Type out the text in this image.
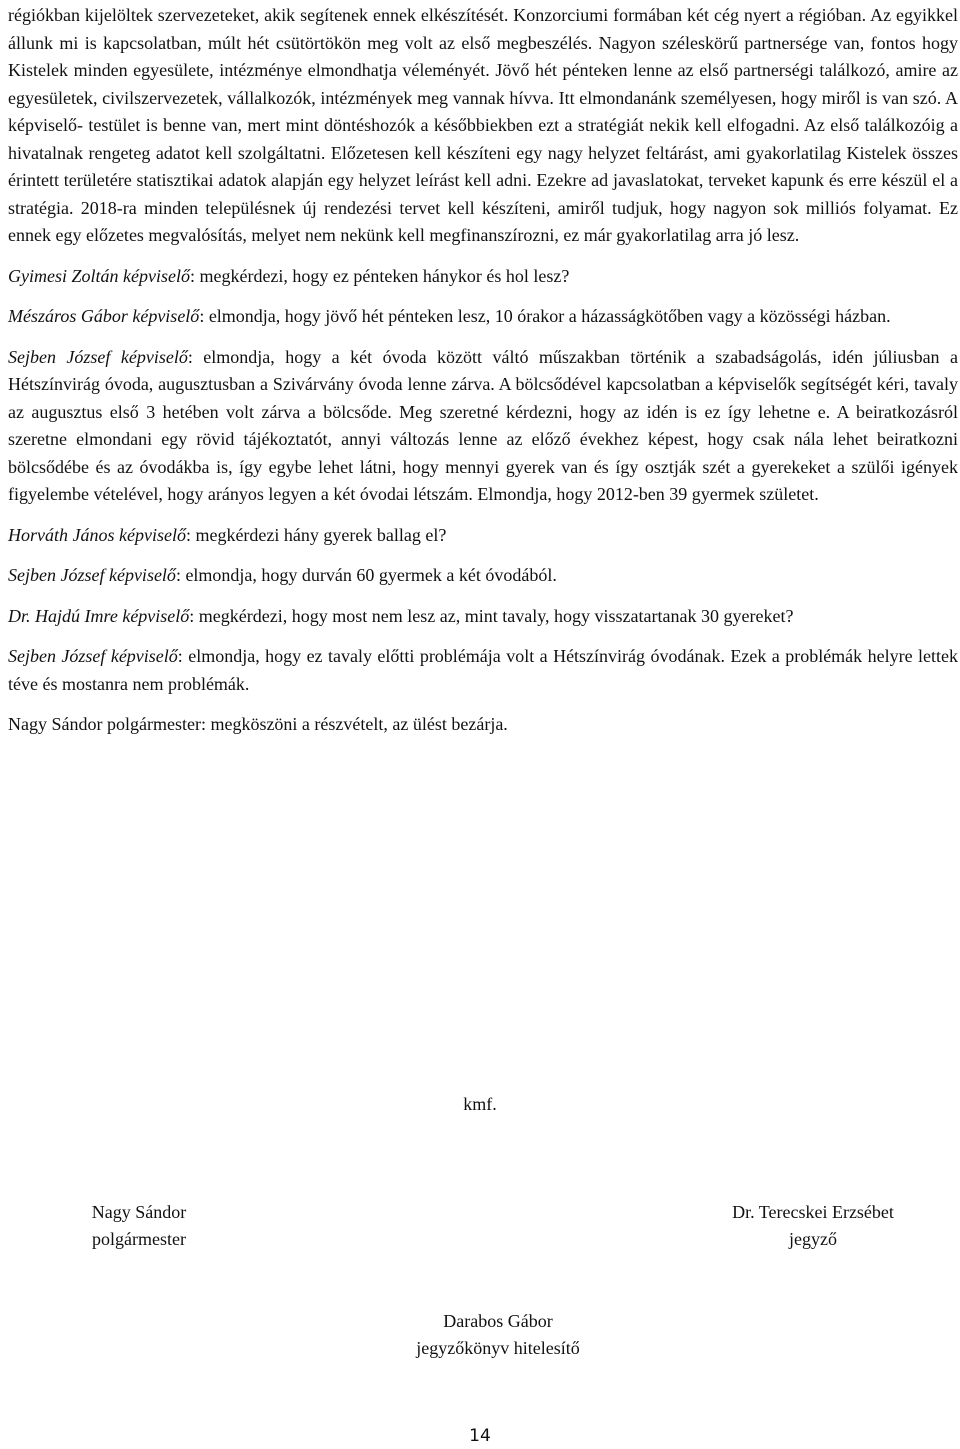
régiókban kijelöltek szervezeteket, akik segítenek ennek elkészítését. Konzorciumi formában két cég nyert a régióban. Az egyikkel állunk mi is kapcsolatban, múlt hét csütörtökön meg volt az első megbeszélés. Nagyon széleskörű partnersége van, fontos hogy Kistelek minden egyesülete, intézménye elmondhatja véleményét. Jövő hét pénteken lenne az első partnerségi találkozó, amire az egyesületek, civilszervezetek, vállalkozók, intézmények meg vannak hívva. Itt elmondanánk személyesen, hogy miről is van szó. A képviselő- testület is benne van, mert mint döntéshozók a későbbiekben ezt a stratégiát nekik kell elfogadni. Az első találkozóig a hivatalnak rengeteg adatot kell szolgáltatni. Előzetesen kell készíteni egy nagy helyzet feltárást, ami gyakorlatilag Kistelek összes érintett területére statisztikai adatok alapján egy helyzet leírást kell adni. Ezekre ad javaslatokat, terveket kapunk és erre készül el a stratégia. 2018-ra minden településnek új rendezési tervet kell készíteni, amiről tudjuk, hogy nagyon sok milliós folyamat. Ez ennek egy előzetes megvalósítás, melyet nem nekünk kell megfinanszírozni, ez már gyakorlatilag arra jó lesz.

Gyimesi Zoltán képviselő: megkérdezi, hogy ez pénteken hánykor és hol lesz?

Mészáros Gábor képviselő: elmondja, hogy jövő hét pénteken lesz, 10 órakor a házasságkötőben vagy a közösségi házban.

Sejben József képviselő: elmondja, hogy a két óvoda között váltó műszakban történik a szabadságolás, idén júliusban a Hétszínvirág óvoda, augusztusban a Szivárvány óvoda lenne zárva. A bölcsődével kapcsolatban a képviselők segítségét kéri, tavaly az augusztus első 3 hetében volt zárva a bölcsőde. Meg szeretné kérdezni, hogy az idén is ez így lehetne e. A beiratkozásról szeretne elmondani egy rövid tájékoztatót, annyi változás lenne az előző évekhez képest, hogy csak nála lehet beiratkozni bölcsődébe és az óvodákba is, így egybe lehet látni, hogy mennyi gyerek van és így osztják szét a gyerekeket a szülői igények figyelembe vételével, hogy arányos legyen a két óvodai létszám. Elmondja, hogy 2012-ben 39 gyermek születet.

Horváth János képviselő: megkérdezi hány gyerek ballag el?

Sejben József képviselő: elmondja, hogy durván 60 gyermek a két óvodából.

Dr. Hajdú Imre képviselő: megkérdezi, hogy most nem lesz az, mint tavaly, hogy visszatartanak 30 gyereket?

Sejben József képviselő: elmondja, hogy ez tavaly előtti problémája volt a Hétszínvirág óvodának. Ezek a problémák helyre lettek téve és mostanra nem problémák.

Nagy Sándor polgármester: megköszöni a részvételt, az ülést bezárja.

kmf.
Nagy Sándor
polgármester
Dr. Terecskei Erzsébet
jegyző
Darabos Gábor
jegyzőkönyv hitelesítő
14
